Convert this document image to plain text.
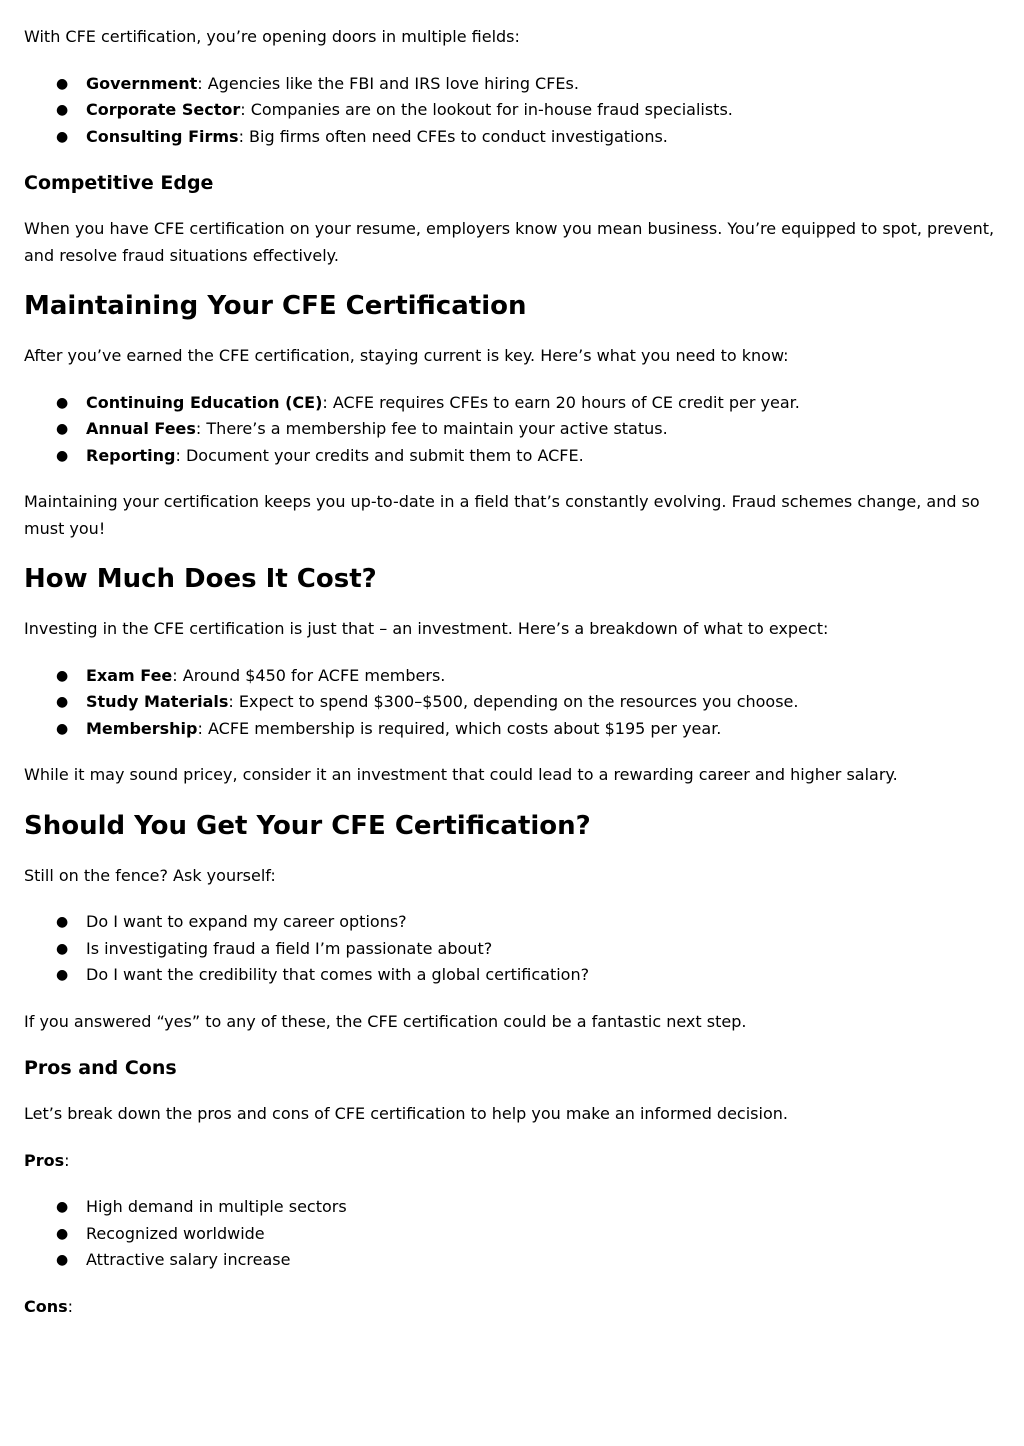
With CFE certification, you’re opening doors in multiple fields:

● Government: Agencies like the FBI and IRS love hiring CFEs.
● Corporate Sector: Companies are on the lookout for in-house fraud specialists.
● Consulting Firms: Big firms often need CFEs to conduct investigations.

Competitive Edge

When you have CFE certification on your resume, employers know you mean business. You’re equipped to spot, prevent, and resolve fraud situations effectively.

Maintaining Your CFE Certification

After you’ve earned the CFE certification, staying current is key. Here’s what you need to know:

● Continuing Education (CE): ACFE requires CFEs to earn 20 hours of CE credit per year.
● Annual Fees: There’s a membership fee to maintain your active status.
● Reporting: Document your credits and submit them to ACFE.

Maintaining your certification keeps you up-to-date in a field that’s constantly evolving. Fraud schemes change, and so must you!

How Much Does It Cost?

Investing in the CFE certification is just that – an investment. Here’s a breakdown of what to expect:

● Exam Fee: Around $450 for ACFE members.
● Study Materials: Expect to spend $300–$500, depending on the resources you choose.
● Membership: ACFE membership is required, which costs about $195 per year.

While it may sound pricey, consider it an investment that could lead to a rewarding career and higher salary.

Should You Get Your CFE Certification?

Still on the fence? Ask yourself:

● Do I want to expand my career options?
● Is investigating fraud a field I’m passionate about?
● Do I want the credibility that comes with a global certification?

If you answered “yes” to any of these, the CFE certification could be a fantastic next step.

Pros and Cons

Let’s break down the pros and cons of CFE certification to help you make an informed decision.

Pros:

● High demand in multiple sectors
● Recognized worldwide
● Attractive salary increase

Cons:
